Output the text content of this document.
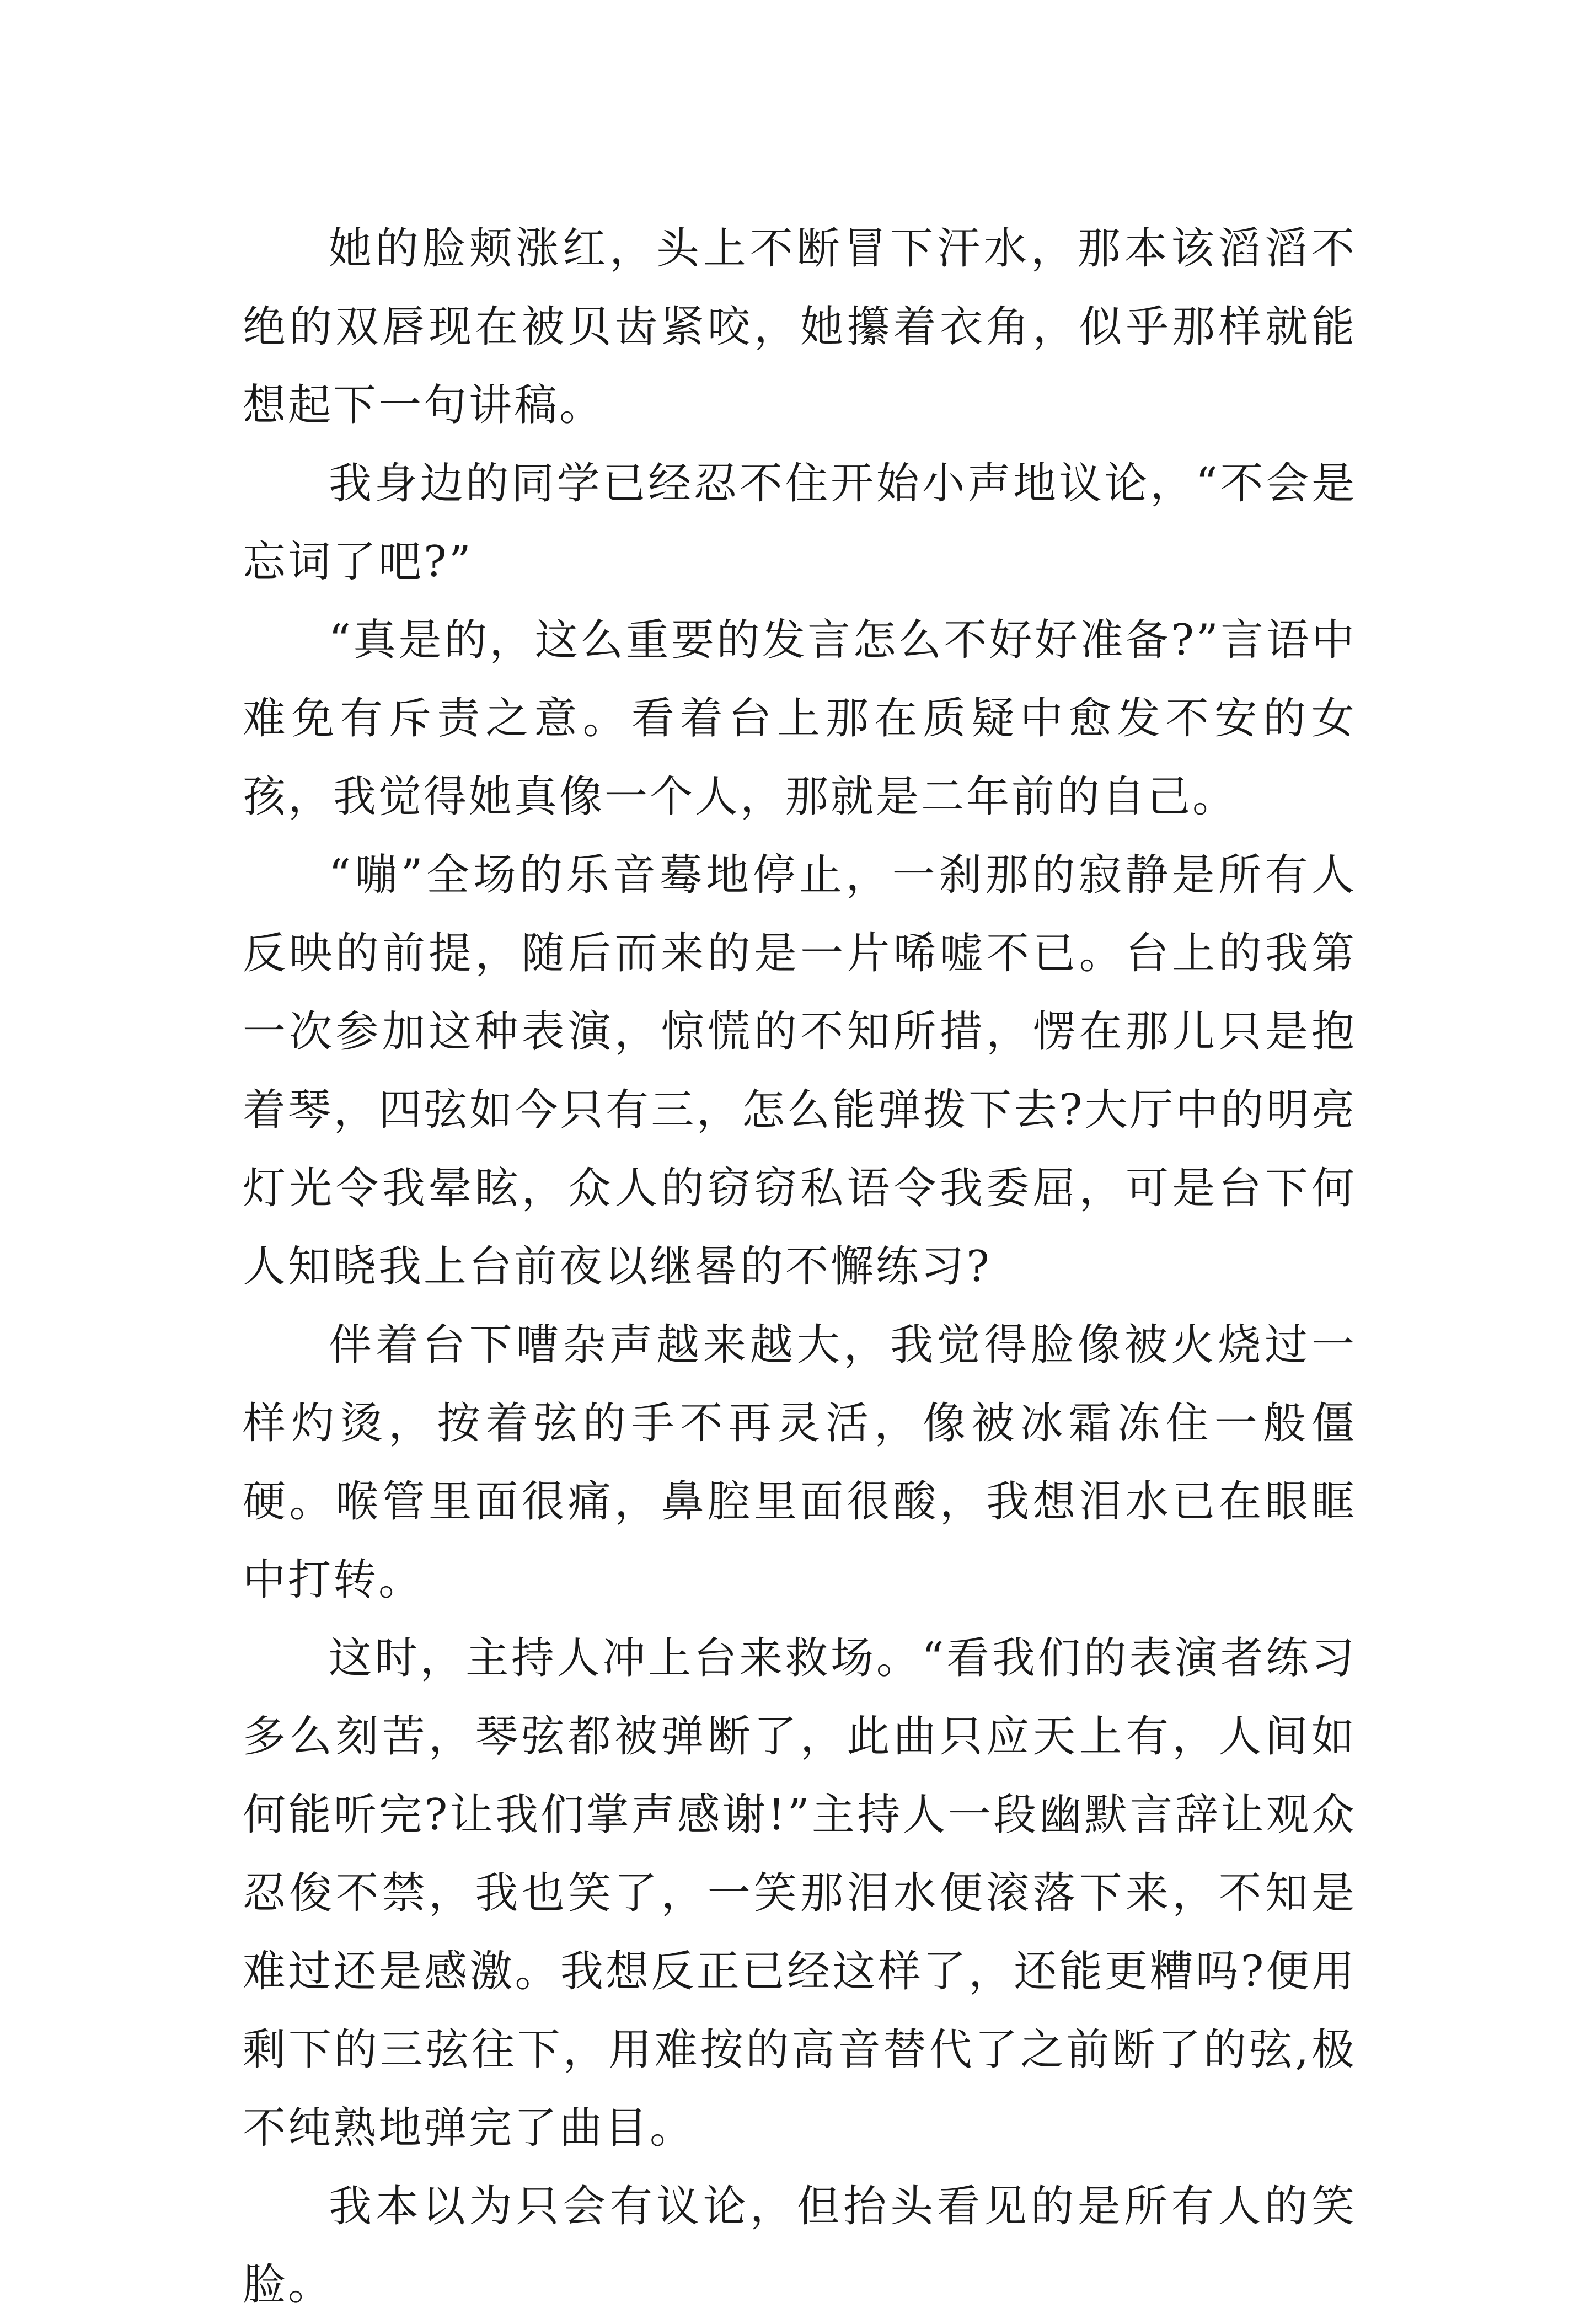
她的脸颊涨红，头上不断冒下汗水，那本该滔滔不绝的双唇现在被贝齿紧咬，她攥着衣角，似乎那样就能想起下一句讲稿。

我身边的同学已经忍不住开始小声地议论，“不会是忘词了吧?”

“真是的，这么重要的发言怎么不好好准备?”言语中难免有斥责之意。看着台上那在质疑中愈发不安的女孩，我觉得她真像一个人，那就是二年前的自己。

“嘣”全场的乐音蓦地停止，一刹那的寂静是所有人反映的前提，随后而来的是一片唏嘘不已。台上的我第一次参加这种表演，惊慌的不知所措，愣在那儿只是抱着琴，四弦如今只有三，怎么能弹拨下去?大厅中的明亮灯光令我晕眩，众人的窃窃私语令我委屈，可是台下何人知晓我上台前夜以继晷的不懈练习?

伴着台下嘈杂声越来越大，我觉得脸像被火烧过一样灼烫，按着弦的手不再灵活，像被冰霜冻住一般僵硬。喉管里面很痛，鼻腔里面很酸，我想泪水已在眼眶中打转。

这时，主持人冲上台来救场。“看我们的表演者练习多么刻苦，琴弦都被弹断了，此曲只应天上有，人间如何能听完?让我们掌声感谢!”主持人一段幽默言辞让观众忍俊不禁，我也笑了，一笑那泪水便滚落下来，不知是难过还是感激。我想反正已经这样了，还能更糟吗?便用剩下的三弦往下，用难按的高音替代了之前断了的弦,极不纯熟地弹完了曲目。

我本以为只会有议论，但抬头看见的是所有人的笑脸。
